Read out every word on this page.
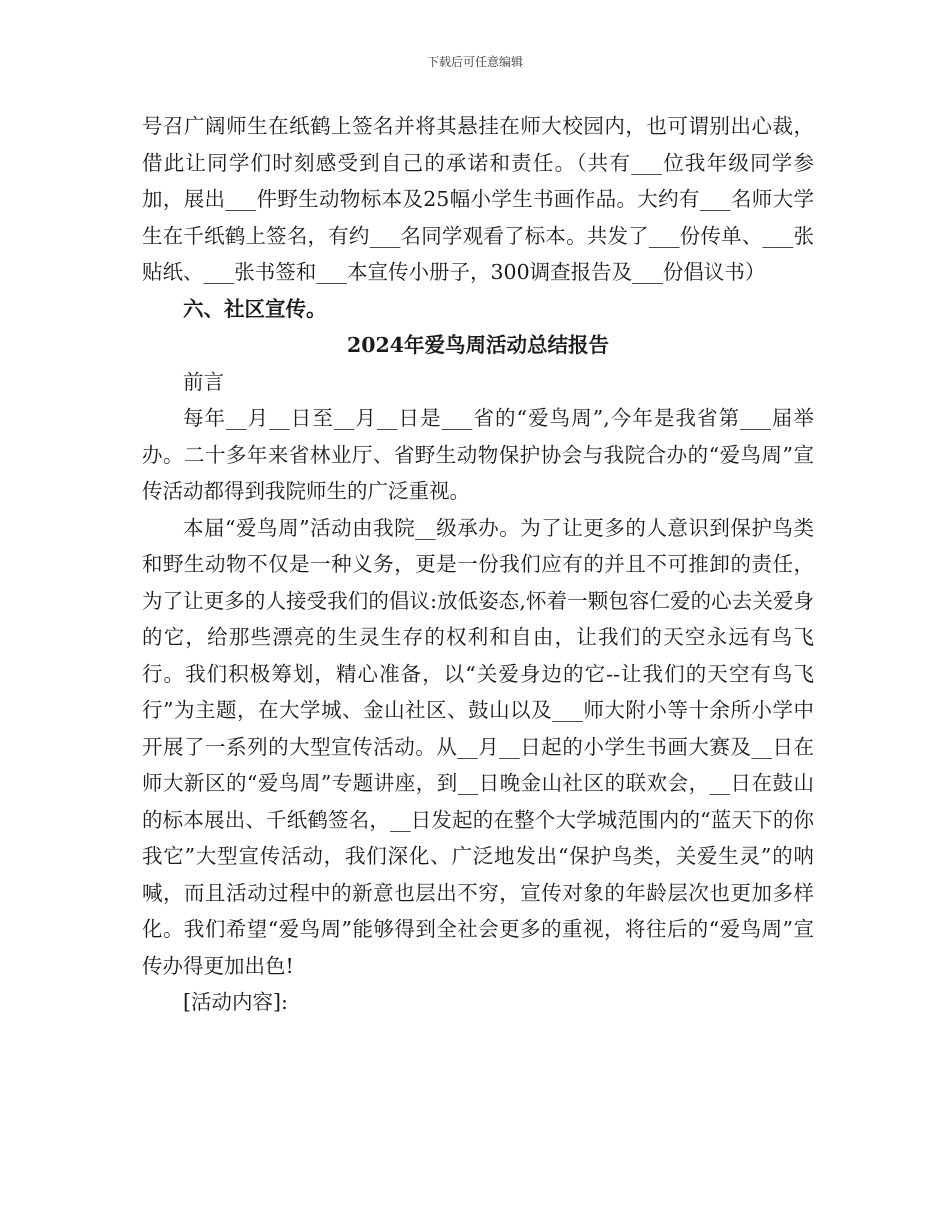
下载后可任意编辑

号召广阔师生在纸鹤上签名并将其悬挂在师大校园内，也可谓别出心裁，借此让同学们时刻感受到自己的承诺和责任。（共有___位我年级同学参加，展出___件野生动物标本及25幅小学生书画作品。大约有___名师大学生在千纸鹤上签名，有约___名同学观看了标本。共发了___份传单、___张贴纸、___张书签和___本宣传小册子，300调查报告及___份倡议书）

六、社区宣传。

2024年爱鸟周活动总结报告

前言

每年__月__日至__月__日是___省的“爱鸟周”,今年是我省第___届举办。二十多年来省林业厅、省野生动物保护协会与我院合办的“爱鸟周”宣传活动都得到我院师生的广泛重视。

本届“爱鸟周”活动由我院__级承办。为了让更多的人意识到保护鸟类和野生动物不仅是一种义务，更是一份我们应有的并且不可推卸的责任，为了让更多的人接受我们的倡议:放低姿态,怀着一颗包容仁爱的心去关爱身的它，给那些漂亮的生灵生存的权利和自由，让我们的天空永远有鸟飞行。我们积极筹划，精心准备，以“关爱身边的它--让我们的天空有鸟飞行”为主题，在大学城、金山社区、鼓山以及___师大附小等十余所小学中开展了一系列的大型宣传活动。从__月__日起的小学生书画大赛及__日在师大新区的“爱鸟周”专题讲座，到__日晚金山社区的联欢会，__日在鼓山的标本展出、千纸鹤签名，__日发起的在整个大学城范围内的“蓝天下的你我它”大型宣传活动，我们深化、广泛地发出“保护鸟类，关爱生灵”的呐喊，而且活动过程中的新意也层出不穷，宣传对象的年龄层次也更加多样化。我们希望“爱鸟周”能够得到全社会更多的重视，将往后的“爱鸟周”宣传办得更加出色!

[活动内容]:
